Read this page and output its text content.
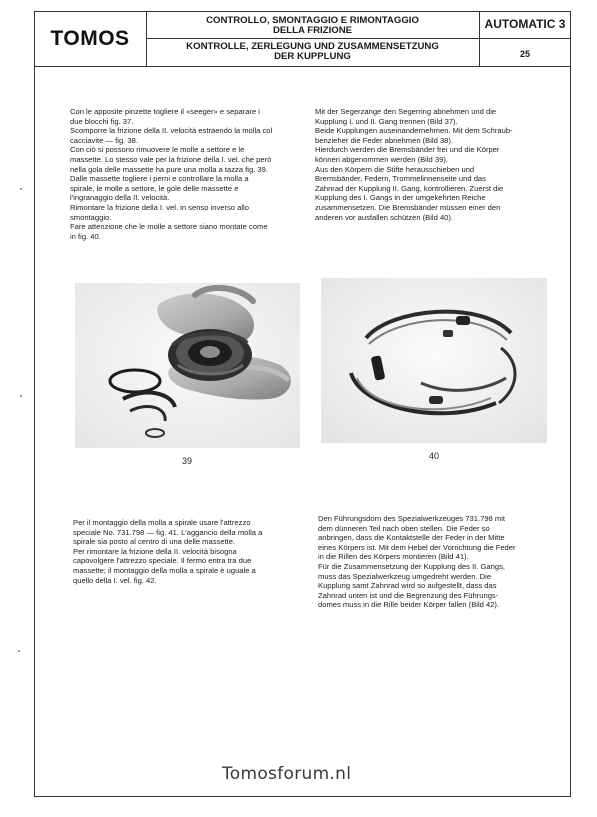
TOMOS
CONTROLLO, SMONTAGGIO E RIMONTAGGIO
DELLA FRIZIONE
KONTROLLE, ZERLEGUNG UND ZUSAMMENSETZUNG
DER KUPPLUNG
AUTOMATIC 3
25

Con le apposite pinzette togliere il «seeger» e separare i

due blocchi fig. 37.

Scomporre la frizione della II. velocità estraendo la molla col

cacciavite — fig. 38.

Con ciò si possono rimuovere le molle a settore e le

massette. Lo stesso vale per la frizione della I. vel. che però

nella gola delle massette ha pure una molla a tazza fig. 39.

Dalle massette togliere i perni e controllare la molla a

spirale, le molle a settore, le gole delle massette e

l'ingranaggio della II. velocità.

Rimontare la frizione della I. vel. in senso inverso allo

smontaggio.

Fare attenzione che le molle a settore siano montate come

in fig. 40.

Mit der Segerzange den Segerring abnehmen und die

Kupplung I. und II. Gang trennen (Bild 37).

Beide Kupplungen auseinandernehmen. Mit dem Schraub-

benzieher die Feder abnehmen (Bild 38).

Hierdurch werden die Bremsbänder frei und die Körper

können abgenommen werden (Bild 39).

Aus den Körpern die Stifte herausschieben und

Bremsbänder, Federn, Trommelinnenseite und das

Zahnrad der Kupplung II. Gang, kontrollieren. Zuerst die

Kupplung des I. Gangs in der umgekehrten Reiche

zusammensetzen. Die Bremsbänder müssen einer den

anderen vor ausfallen schützen (Bild 40).

39	40

Per il montaggio della molla a spirale usare l'attrezzo

speciale No. 731.798 — fig. 41. L'aggancio della molla a

spirale sia posto al centro di una delle massette.

Per rimontare la frizione della II. velocità bisogna

capovolgere l'attrezzo speciale. Il fermo entra tra due

massette; il montaggio della molla a spirale è uguale a

quello della I. vel. fig. 42.

Den Führungsdorn des Spezialwerkzeuges 731.798 mit

dem dünneren Teil nach oben stellen. Die Feder so

anbringen, dass die Kontaktstelle der Feder in der Mitte

eines Körpers ist. Mit dem Hebel der Vorrichtung die Feder

in die Rillen des Körpers montieren (Bild 41).

Für die Zusammensetzung der Kupplung des II. Gangs,

muss das Spezialwerkzeug umgedreht werden. Die

Kupplung samt Zahnrad wird so aufgestellt, dass das

Zahnrad unten ist und die Begrenzung des Führungs-

domes muss in die Rille beider Körper fallen (Bild 42).

Tomosforum.nl
